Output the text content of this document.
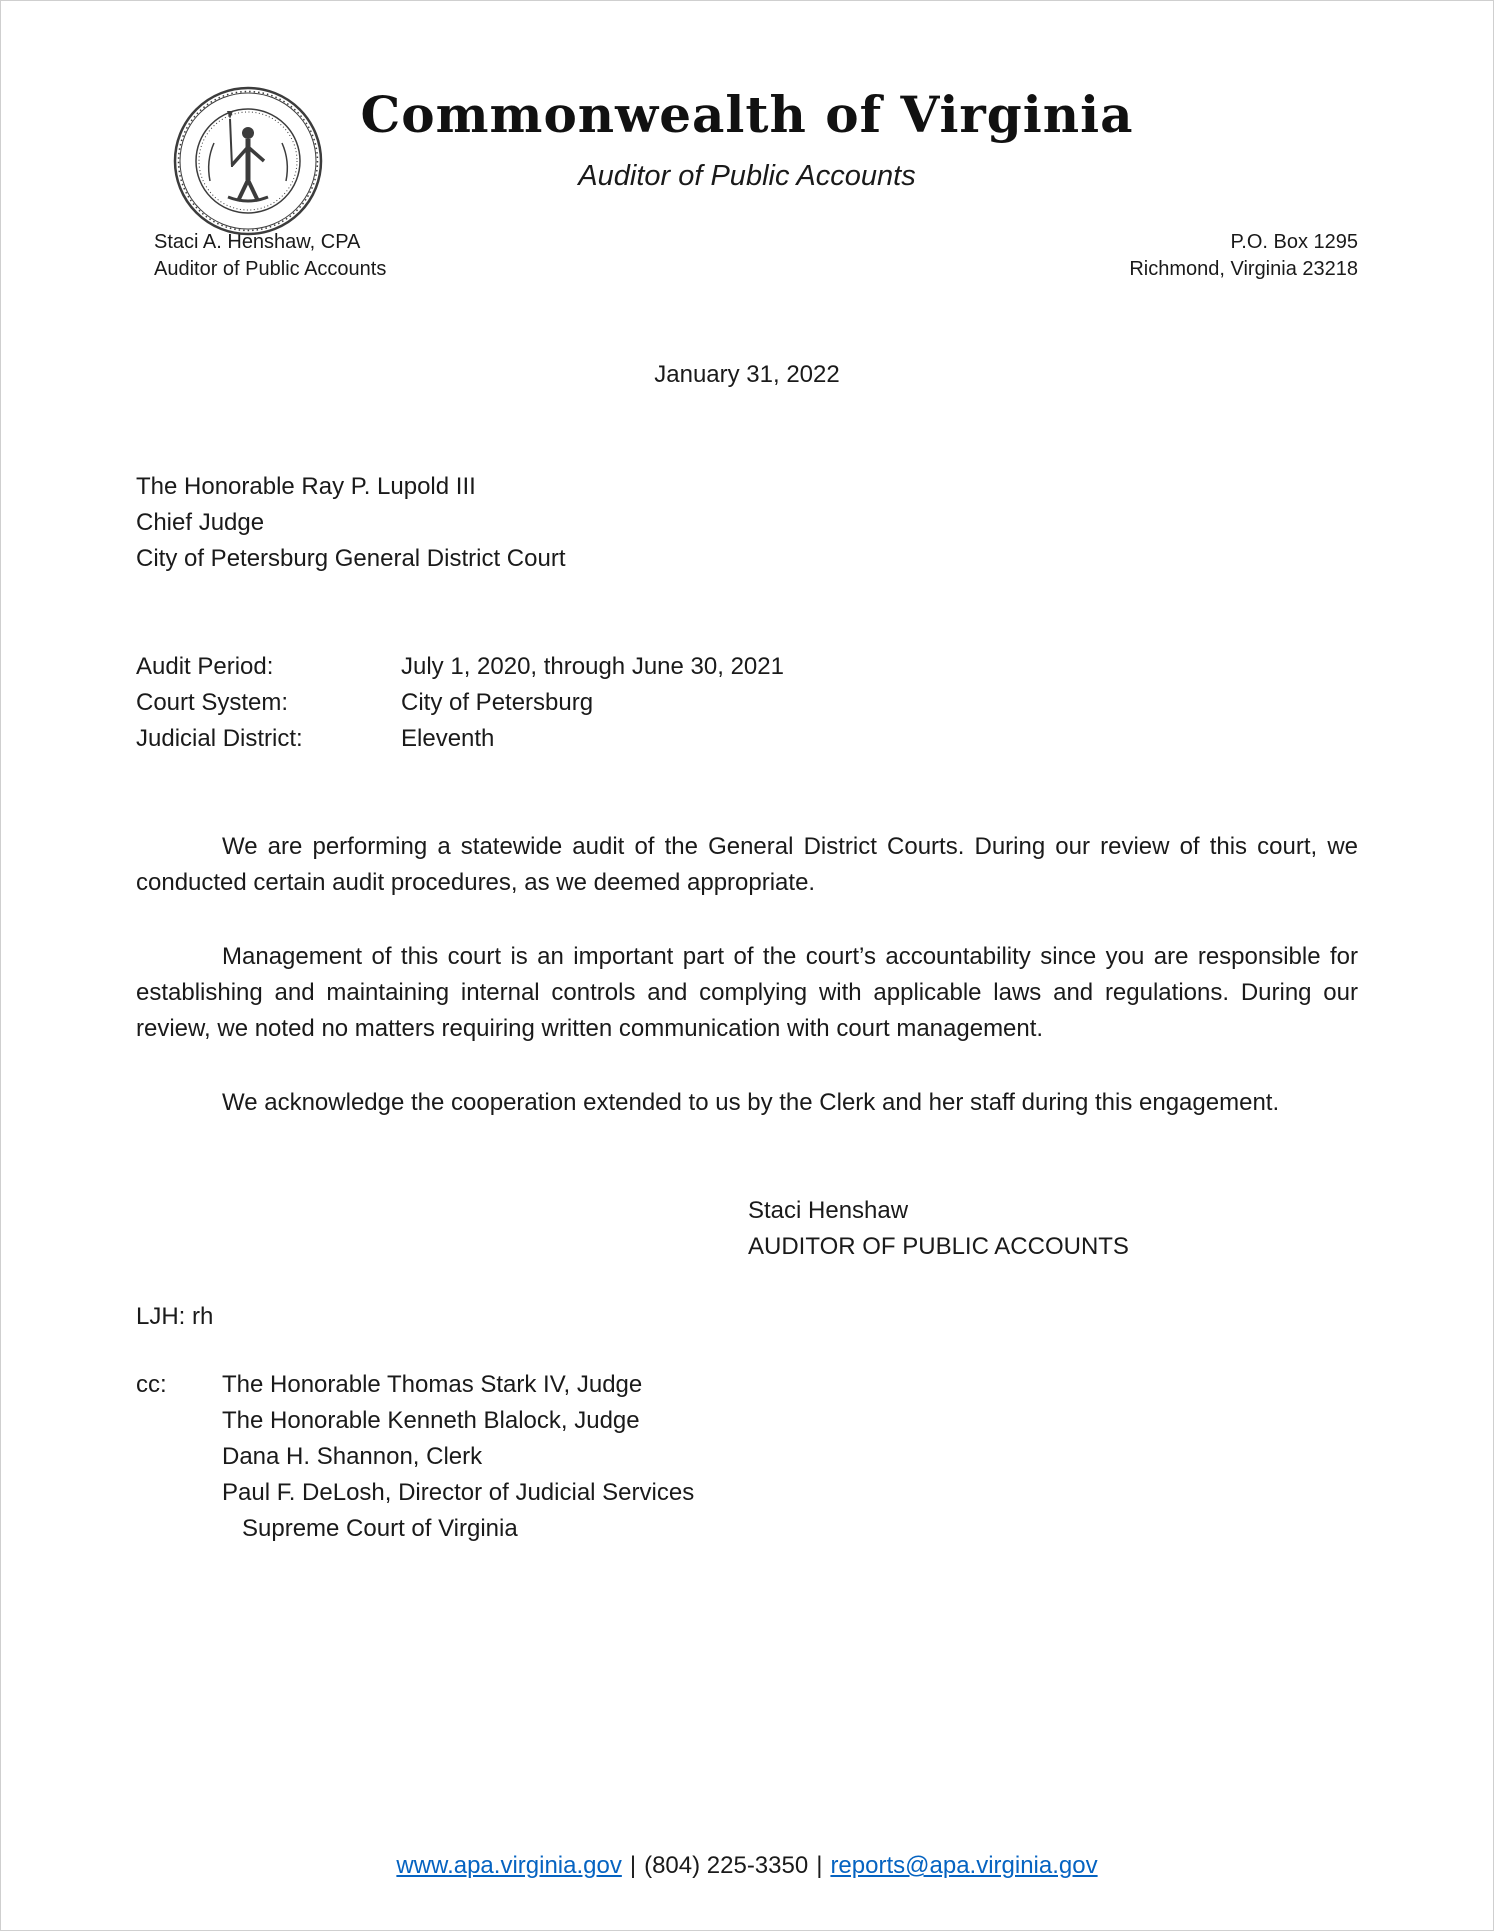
Commonwealth of Virginia
Auditor of Public Accounts
Staci A. Henshaw, CPA
Auditor of Public Accounts
P.O. Box 1295
Richmond, Virginia 23218
January 31, 2022
The Honorable Ray P. Lupold III
Chief Judge
City of Petersburg General District Court
Audit Period:	July 1, 2020, through June 30, 2021
Court System:	City of Petersburg
Judicial District:	Eleventh

We are performing a statewide audit of the General District Courts. During our review of this court, we conducted certain audit procedures, as we deemed appropriate.

Management of this court is an important part of the court’s accountability since you are responsible for establishing and maintaining internal controls and complying with applicable laws and regulations. During our review, we noted no matters requiring written communication with court management.

We acknowledge the cooperation extended to us by the Clerk and her staff during this engagement.

Staci Henshaw
AUDITOR OF PUBLIC ACCOUNTS
LJH: rh
cc:	The Honorable Thomas Stark IV, Judge
The Honorable Kenneth Blalock, Judge
Dana H. Shannon, Clerk
Paul F. DeLosh, Director of Judicial Services
Supreme Court of Virginia
www.apa.virginia.gov | (804) 225-3350 | reports@apa.virginia.gov
